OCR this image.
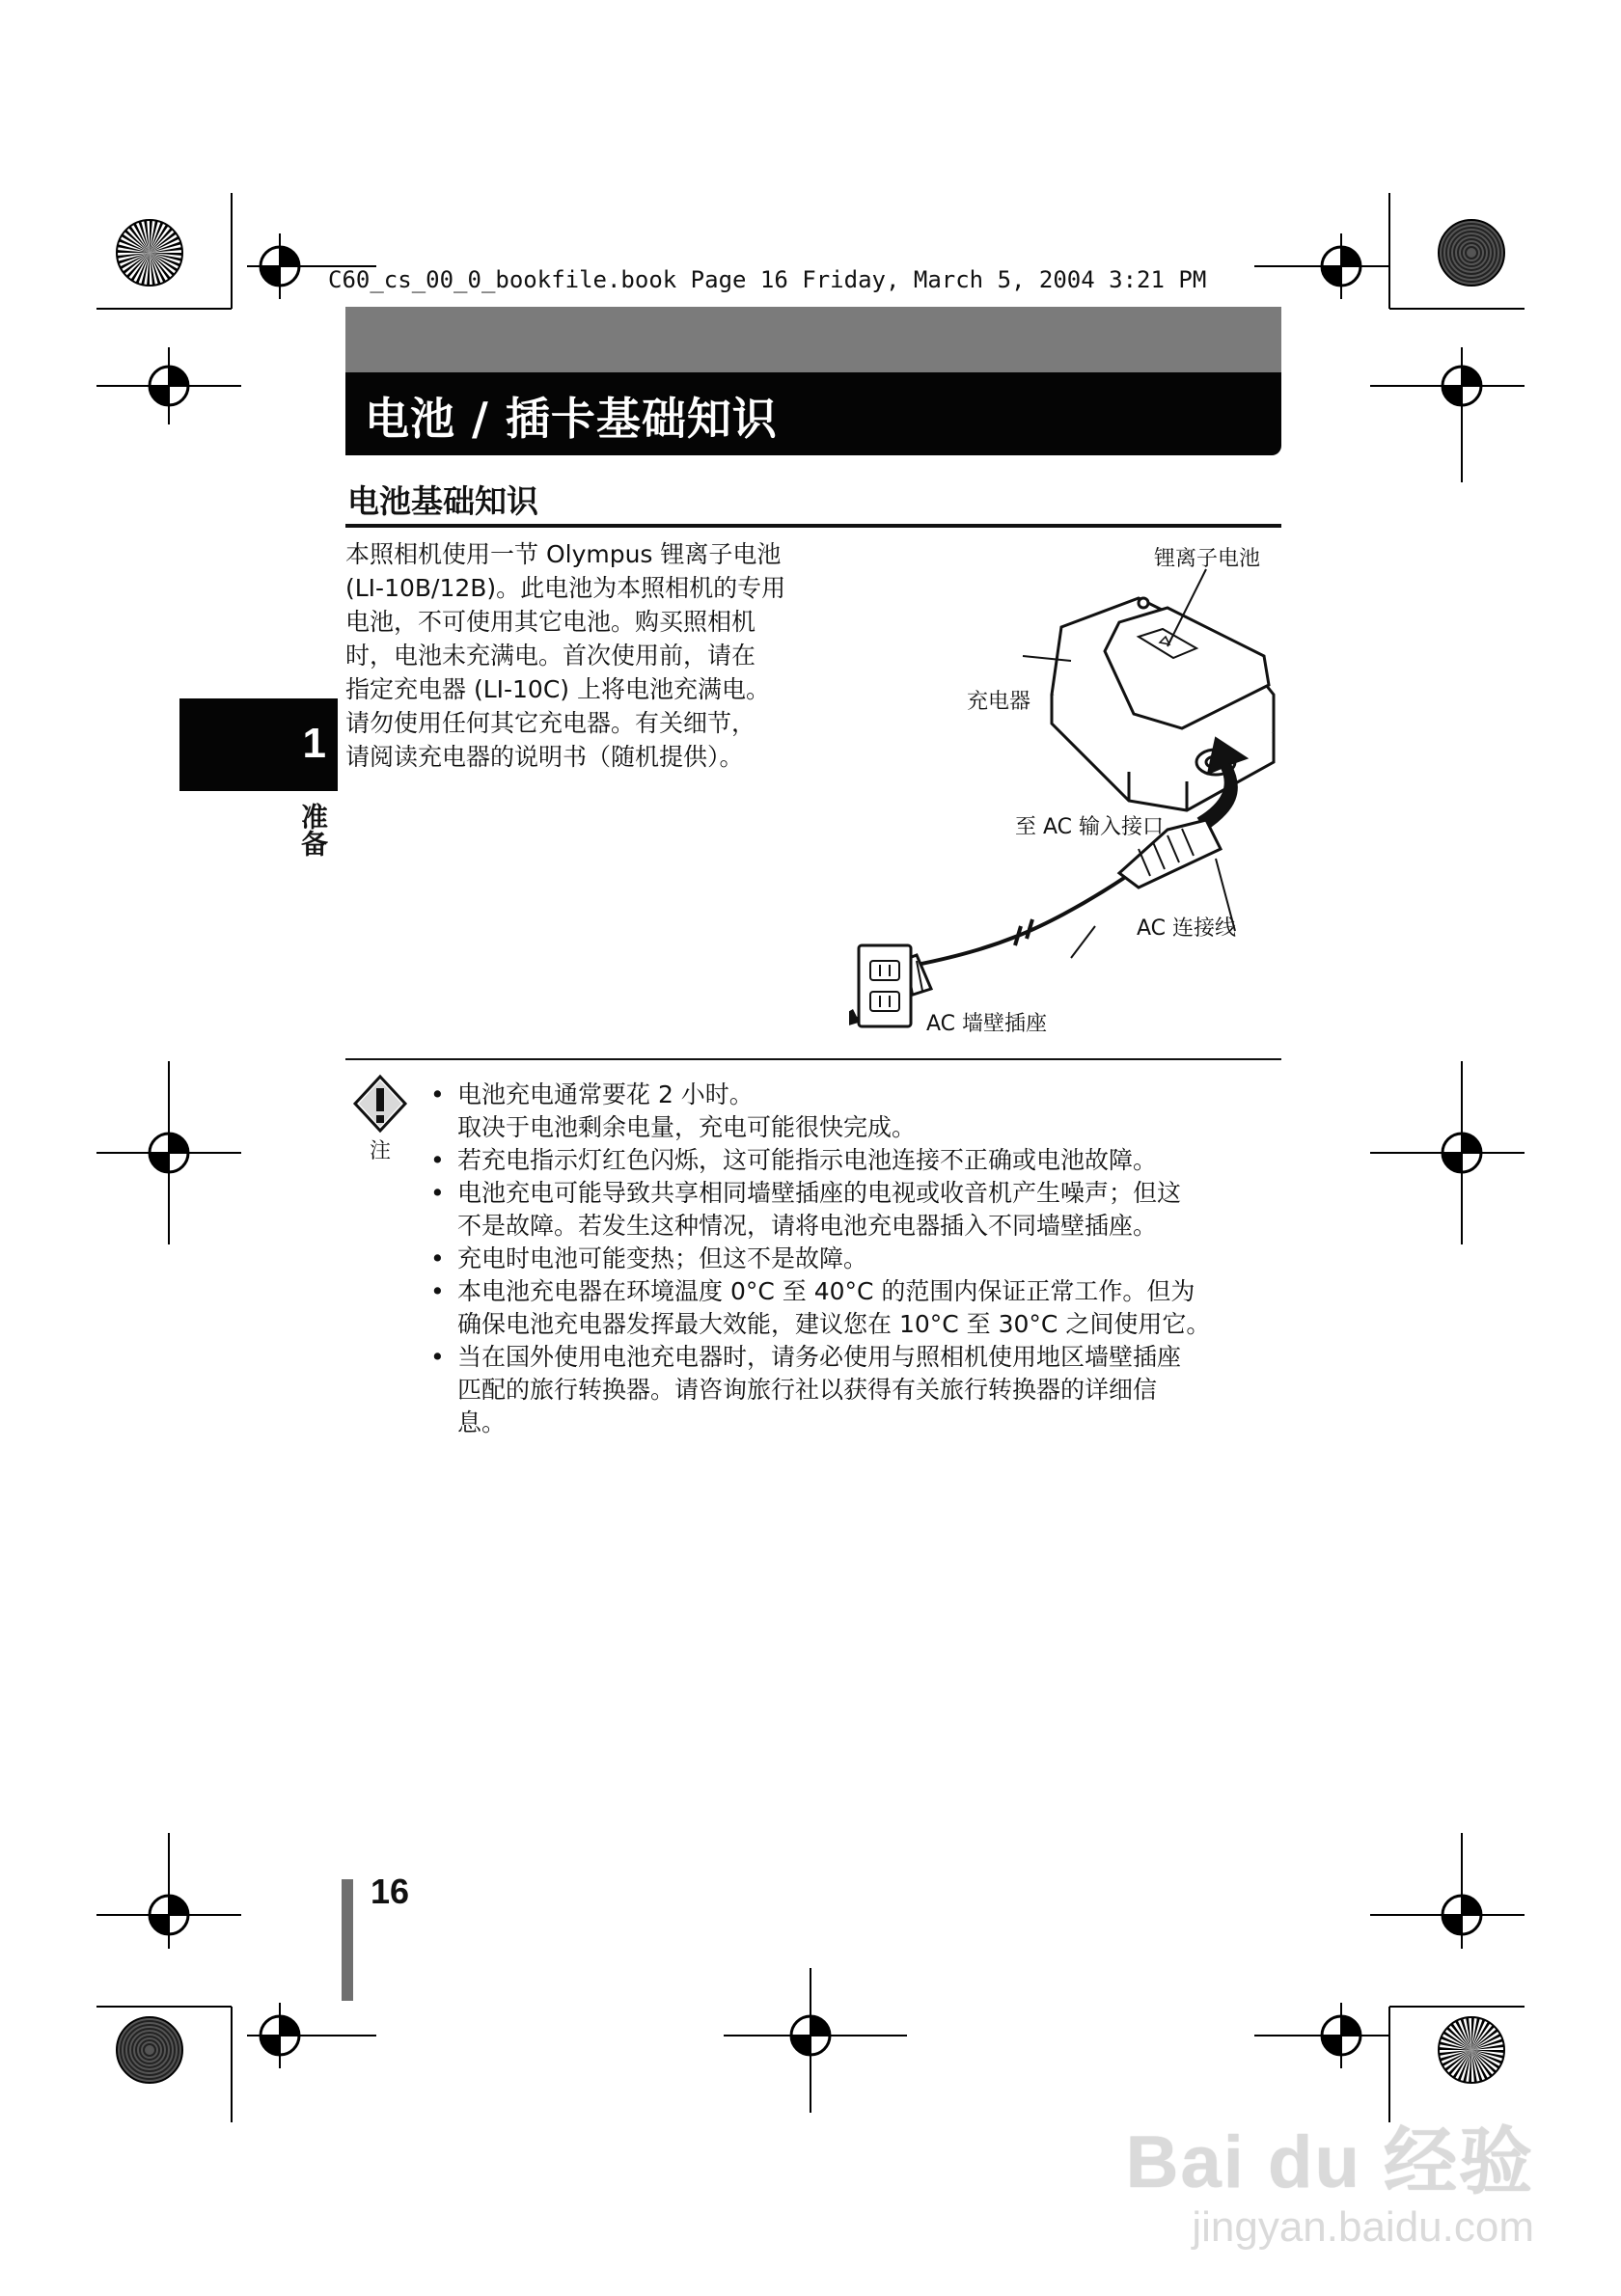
C60_cs_00_0_bookfile.book Page 16 Friday, March 5, 2004 3:21 PM
电池 / 插卡基础知识
电池基础知识

本照相机使用一节 Olympus 锂离子电池

(LI-10B/12B)。此电池为本照相机的专用

电池，不可使用其它电池。购买照相机

时，电池未充满电。首次使用前，请在

指定充电器 (LI-10C) 上将电池充满电。

请勿使用任何其它充电器。有关细节，

请阅读充电器的说明书（随机提供）。

1
准备
锂离子电池
充电器
至 AC 输入接口
AC 连接线
AC 墙壁插座
注
• 电池充电通常要花 2 小时。

取决于电池剩余电量，充电可能很快完成。

• 若充电指示灯红色闪烁，这可能指示电池连接不正确或电池故障。

• 电池充电可能导致共享相同墙壁插座的电视或收音机产生噪声；但这

不是故障。若发生这种情况，请将电池充电器插入不同墙壁插座。

• 充电时电池可能变热；但这不是故障。

• 本电池充电器在环境温度 0°C 至 40°C 的范围内保证正常工作。但为

确保电池充电器发挥最大效能，建议您在 10°C 至 30°C 之间使用它。

• 当在国外使用电池充电器时，请务必使用与照相机使用地区墙壁插座

匹配的旅行转换器。请咨询旅行社以获得有关旅行转换器的详细信

息。

16
Bai du 经验
jingyan.baidu.com
